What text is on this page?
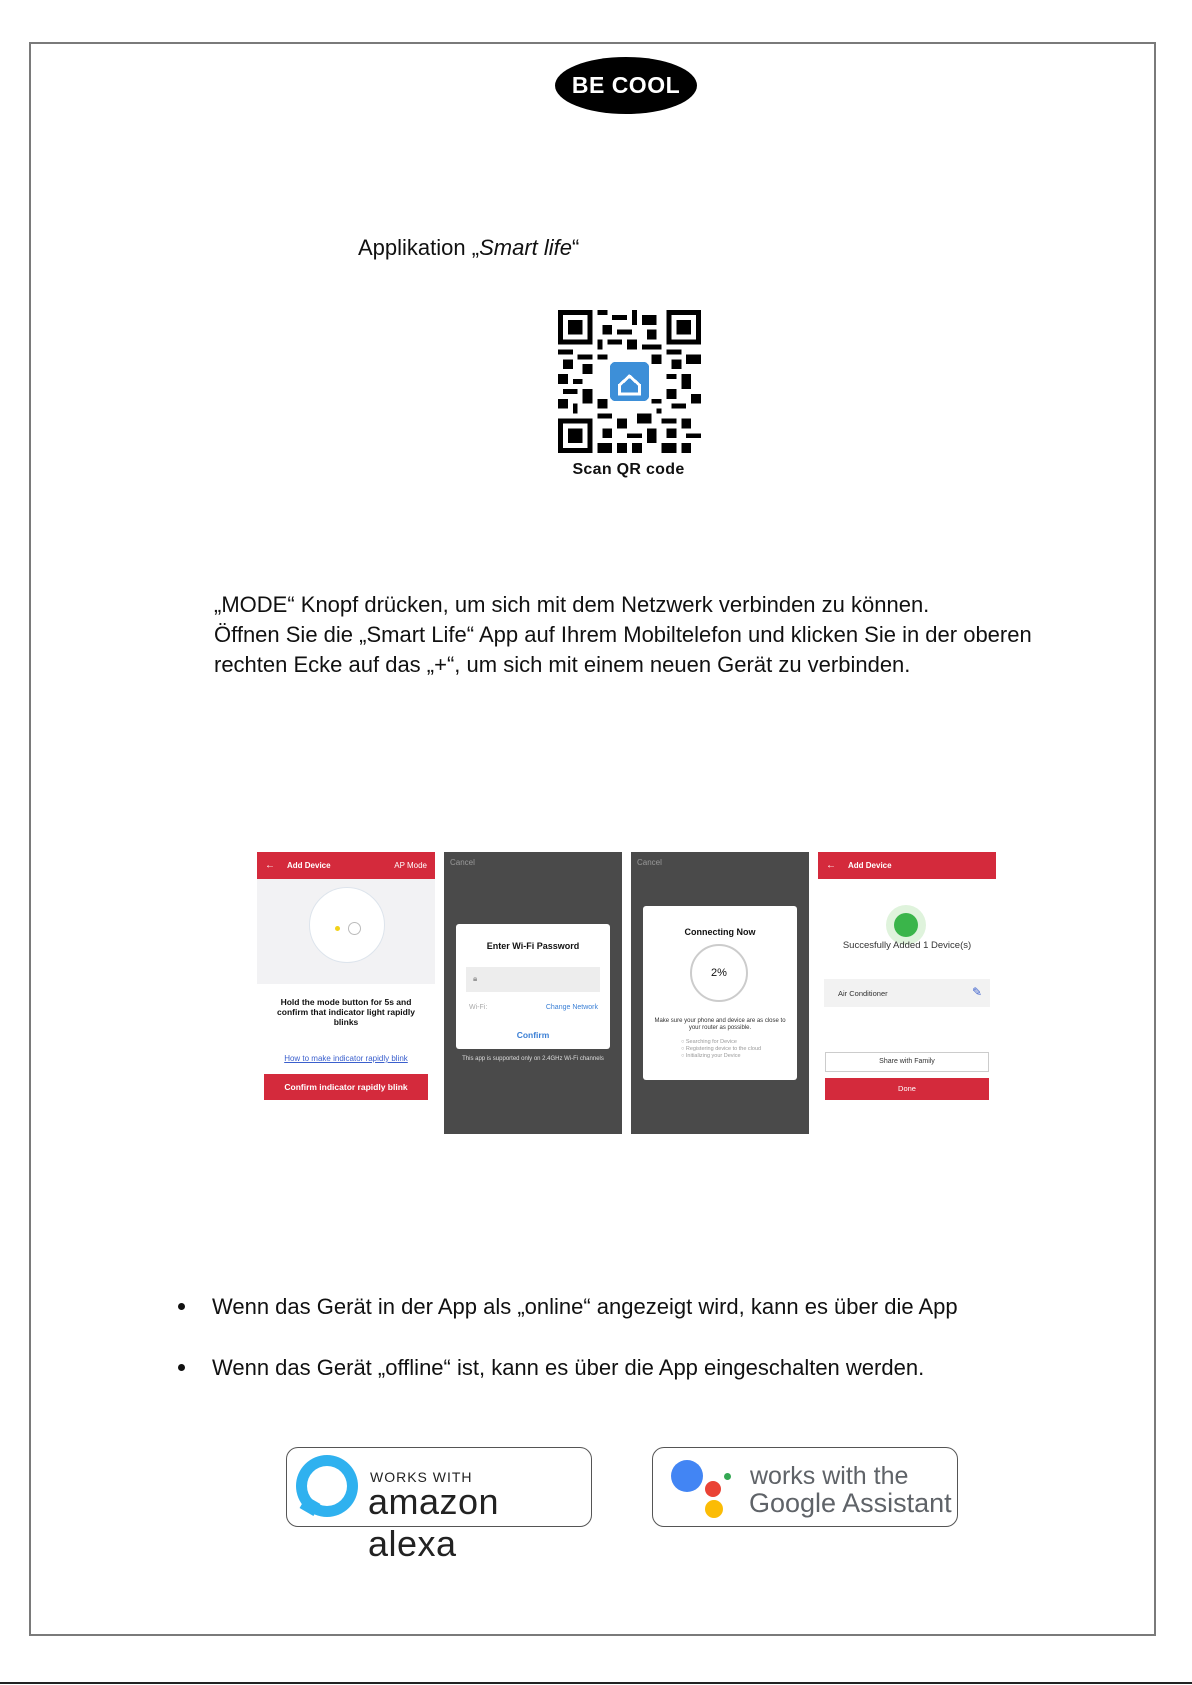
BE COOL
Applikation „Smart life“
Scan QR code
„MODE“ Knopf drücken, um sich mit dem Netzwerk verbinden zu können.
Öffnen Sie die „Smart Life“ App auf Ihrem Mobiltelefon und klicken Sie in der oberen
rechten Ecke auf das „+“, um sich mit einem neuen Gerät zu verbinden.
← Add Device	AP Mode
Hold the mode button for 5s and confirm that indicator light rapidly blinks
How to make indicator rapidly blink
Confirm indicator rapidly blink
Cancel
Enter Wi-Fi Password
🔒︎
Wi-Fi:	Change Network
Confirm
This app is supported only on 2.4GHz Wi-Fi channels
Cancel
Connecting Now
2%
Make sure your phone and device are as close to your router as possible.
○ Searching for Device
○ Registering device to the cloud
○ Initializing your Device
← Add Device
Succesfully Added 1 Device(s)
Air Conditioner	✎
Share with Family
Done
Wenn das Gerät in der App als „online“ angezeigt wird, kann es über die App
Wenn das Gerät „offline“ ist, kann es über die App eingeschalten werden.
WORKS WITH
amazon alexa
works with the
Google Assistant
